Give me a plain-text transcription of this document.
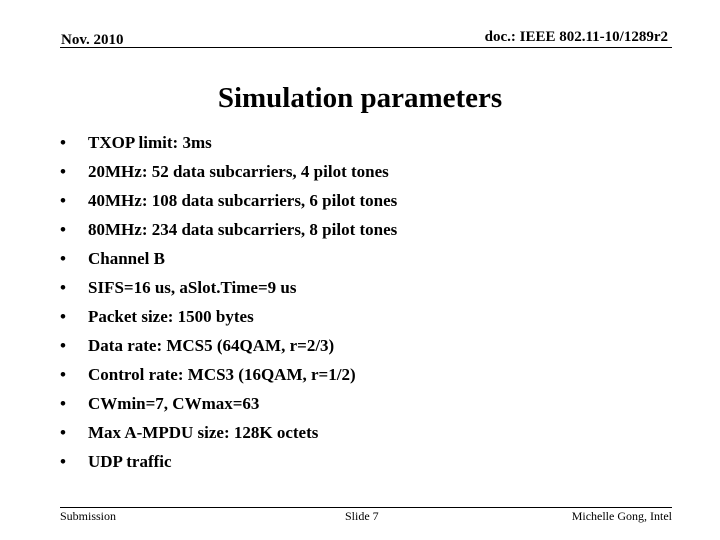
Nov. 2010	doc.: IEEE 802.11-10/1289r2
Simulation parameters
•	TXOP limit: 3ms
•	20MHz: 52 data subcarriers, 4 pilot tones
•	40MHz: 108 data subcarriers, 6 pilot tones
•	80MHz: 234 data subcarriers, 8 pilot tones
•	Channel B
•	SIFS=16 us, aSlot.Time=9 us
•	Packet size: 1500 bytes
•	Data rate: MCS5 (64QAM, r=2/3)
•	Control rate: MCS3 (16QAM, r=1/2)
•	CWmin=7, CWmax=63
•	Max A-MPDU size: 128K octets
•	UDP traffic
Submission	Slide 7	Michelle Gong, Intel
